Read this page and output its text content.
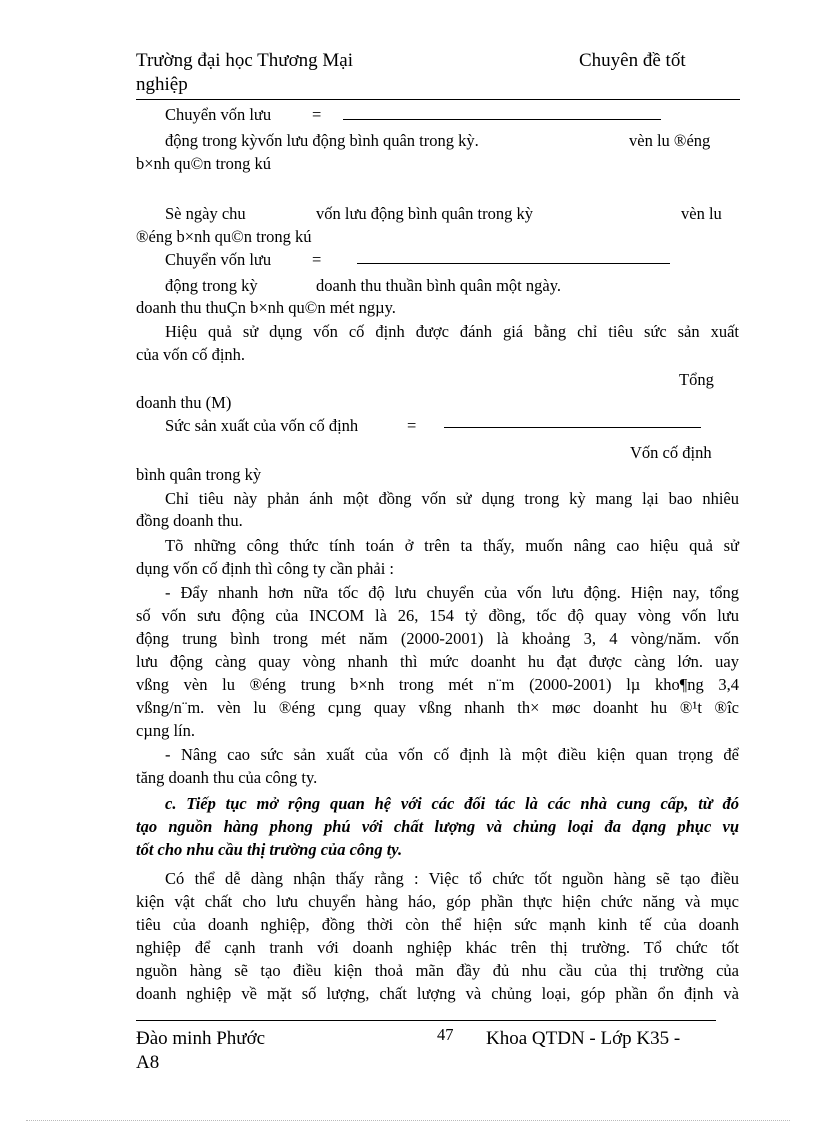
Trường đại học Thương Mại	Chuyên đề tốt
nghiệp
Chuyển vốn lưu =
động trong kỳvốn lưu động bình quân trong kỳ.	vèn lu ®éng
b×nh qu©n trong kú
Sè ngày chu	vốn lưu động bình quân trong kỳ	vèn lu
®éng b×nh qu©n trong kú
Chuyển vốn lưu =
động trong kỳ	doanh thu thuần bình quân một ngày.
doanh thu thuÇn b×nh qu©n mét ngµy.
Hiệu quả sử dụng vốn cố định được đánh giá bằng chỉ tiêu sức sản xuất
của vốn cố định.
Tổng
doanh thu (M)
Sức sản xuất của vốn cố định	=
Vốn cố định
bình quân trong kỳ
Chỉ tiêu này phản ánh một đồng vốn sử dụng trong kỳ mang lại bao nhiêu
đồng doanh thu.
Tõ những công thức tính toán ở trên ta thấy, muốn nâng cao hiệu quả sử
dụng vốn cố định thì công ty cần phải :
- Đẩy nhanh hơn nữa tốc độ lưu chuyển của vốn lưu động. Hiện nay, tổng
số vốn sưu động của INCOM là 26, 154 tỷ đồng, tốc độ quay vòng vốn lưu
động trung bình trong mét năm (2000-2001) là khoảng 3, 4 vòng/năm. vốn
lưu động càng quay vòng nhanh thì mức doanht hu đạt được càng lớn. uay
vßng vèn lu ®éng trung b×nh trong mét n¨m (2000-2001) lµ kho¶ng 3,4
vßng/n¨m. vèn lu ®éng cµng quay vßng nhanh th× møc doanht hu ®¹t ®îc
cµng lín.
- Nâng cao sức sản xuất của vốn cố định là một điều kiện quan trọng để
tăng doanh thu của công ty.
c. Tiếp tục mở rộng quan hệ với các đối tác là các nhà cung cấp, từ đó
tạo nguồn hàng phong phú với chất lượng và chủng loại đa dạng phục vụ
tốt cho nhu cầu thị trường của công ty.
Có thể dễ dàng nhận thấy rằng : Việc tổ chức tốt nguồn hàng sẽ tạo điều
kiện vật chất cho lưu chuyển hàng háo, góp phần thực hiện chức năng và mục
tiêu của doanh nghiệp, đồng thời còn thể hiện sức mạnh kinh tế của doanh
nghiệp để cạnh tranh với doanh nghiệp khác trên thị trường. Tổ chức tốt
nguồn hàng sẽ tạo điều kiện thoả mãn đầy đủ nhu cầu của thị trường của
doanh nghiệp về mặt số lượng, chất lượng và chủng loại, góp phần ổn định và
Đào minh Phước	47 Khoa QTDN - Lớp K35 -
A8
